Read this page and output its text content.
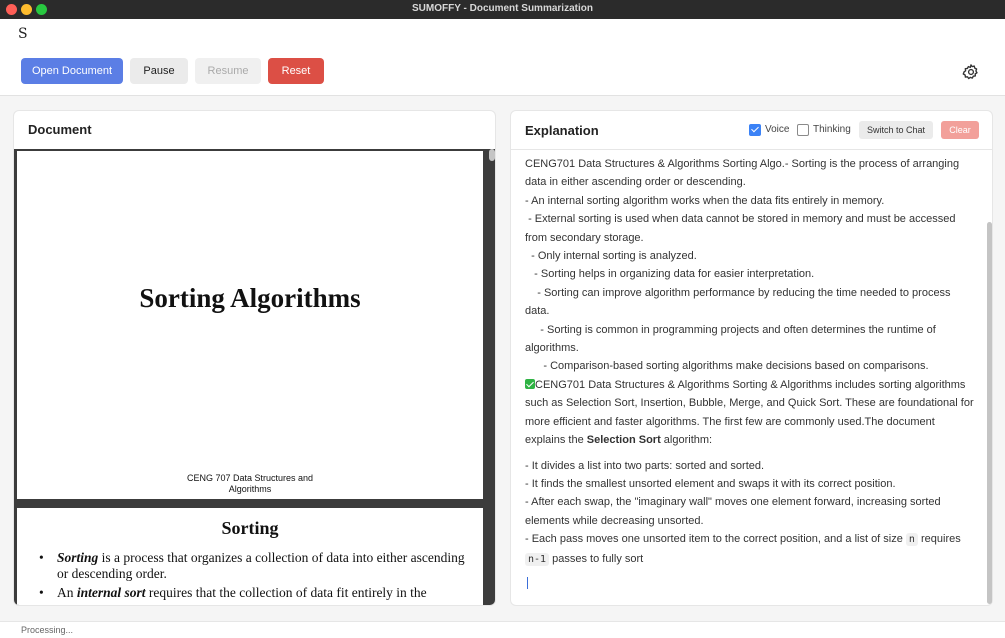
SUMOFFY - Document Summarization
S
Open Document	Pause	Resume	Reset
Document
Sorting Algorithms
CENG 707 Data Structures and
Algorithms
Sorting
• Sorting is a process that organizes a collection of data into either ascending or descending order.
• An internal sort requires that the collection of data fit entirely in the
Explanation	Voice Thinking	Switch to Chat	Clear

CENG701 Data Structures & Algorithms Sorting Algo.- Sorting is the process of arranging data in either ascending order or descending.

- An internal sorting algorithm works when the data fits entirely in memory.

- External sorting is used when data cannot be stored in memory and must be accessed from secondary storage.

- Only internal sorting is analyzed.

- Sorting helps in organizing data for easier interpretation.

- Sorting can improve algorithm performance by reducing the time needed to process data.

- Sorting is common in programming projects and often determines the runtime of algorithms.

- Comparison-based sorting algorithms make decisions based on comparisons.

CENG701 Data Structures & Algorithms Sorting & Algorithms includes sorting algorithms such as Selection Sort, Insertion, Bubble, Merge, and Quick Sort. These are foundational for more efficient and faster algorithms. The first few are commonly used.The document explains the Selection Sort algorithm:

- It divides a list into two parts: sorted and sorted.

- It finds the smallest unsorted element and swaps it with its correct position.

- After each swap, the "imaginary wall" moves one element forward, increasing sorted elements while decreasing unsorted.

- Each pass moves one unsorted item to the correct position, and a list of size n requires n-1 passes to fully sort

Processing...
